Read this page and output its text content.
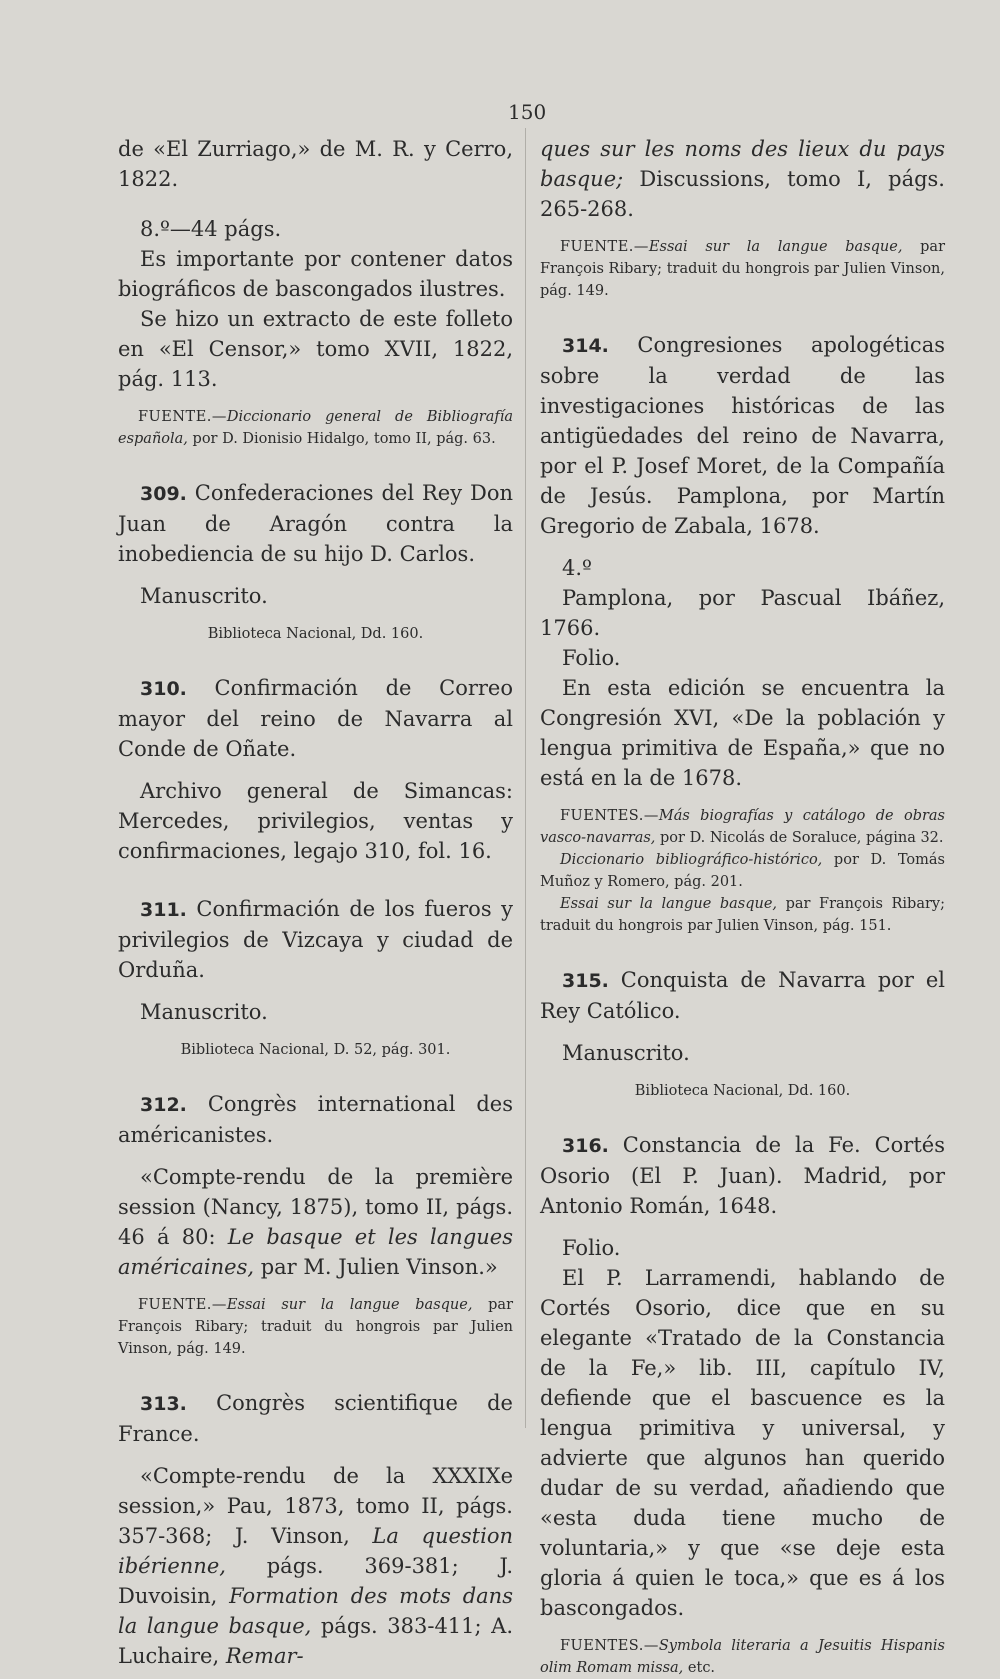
150

de «El Zurriago,» de M. R. y Cerro, 1822.

8.º—44 págs.

Es importante por contener datos biográficos de bascongados ilustres.

Se hizo un extracto de este folleto en «El Censor,» tomo XVII, 1822, pág. 113.

FUENTE.—Diccionario general de Bibliografía española, por D. Dionisio Hidalgo, tomo II, pág. 63.

309. Confederaciones del Rey Don Juan de Aragón contra la inobediencia de su hijo D. Carlos.

Manuscrito.

Biblioteca Nacional, Dd. 160.

310. Confirmación de Correo mayor del reino de Navarra al Conde de Oñate.

Archivo general de Simancas: Mercedes, privilegios, ventas y confirmaciones, legajo 310, fol. 16.

311. Confirmación de los fueros y privilegios de Vizcaya y ciudad de Orduña.

Manuscrito.

Biblioteca Nacional, D. 52, pág. 301.

312. Congrès international des américanistes.

«Compte-rendu de la première session (Nancy, 1875), tomo II, págs. 46 á 80: Le basque et les langues américaines, par M. Julien Vinson.»

FUENTE.—Essai sur la langue basque, par François Ribary; traduit du hongrois par Julien Vinson, pág. 149.

313. Congrès scientifique de France.

«Compte-rendu de la XXXIXe session,» Pau, 1873, tomo II, págs. 357-368; J. Vinson, La question ibérienne, págs. 369-381; J. Duvoisin, Formation des mots dans la langue basque, págs. 383-411; A. Luchaire, Remar-

ques sur les noms des lieux du pays basque; Discussions, tomo I, págs. 265-268.

FUENTE.—Essai sur la langue basque, par François Ribary; traduit du hongrois par Julien Vinson, pág. 149.

314. Congresiones apologéticas sobre la verdad de las investigaciones históricas de las antigüedades del reino de Navarra, por el P. Josef Moret, de la Compañía de Jesús. Pamplona, por Martín Gregorio de Zabala, 1678.

4.º

Pamplona, por Pascual Ibáñez, 1766.

Folio.

En esta edición se encuentra la Congresión XVI, «De la población y lengua primitiva de España,» que no está en la de 1678.

FUENTES.—Más biografías y catálogo de obras vasco-navarras, por D. Nicolás de Soraluce, página 32.

Diccionario bibliográfico-histórico, por D. Tomás Muñoz y Romero, pág. 201.

Essai sur la langue basque, par François Ribary; traduit du hongrois par Julien Vinson, pág. 151.

315. Conquista de Navarra por el Rey Católico.

Manuscrito.

Biblioteca Nacional, Dd. 160.

316. Constancia de la Fe. Cortés Osorio (El P. Juan). Madrid, por Antonio Román, 1648.

Folio.

El P. Larramendi, hablando de Cortés Osorio, dice que en su elegante «Tratado de la Constancia de la Fe,» lib. III, capítulo IV, defiende que el bascuence es la lengua primitiva y universal, y advierte que algunos han querido dudar de su verdad, añadiendo que «esta duda tiene mucho de voluntaria,» y que «se deje esta gloria á quien le toca,» que es á los bascongados.

FUENTES.—Symbola literaria a Jesuitis Hispanis olim Romam missa, etc.
